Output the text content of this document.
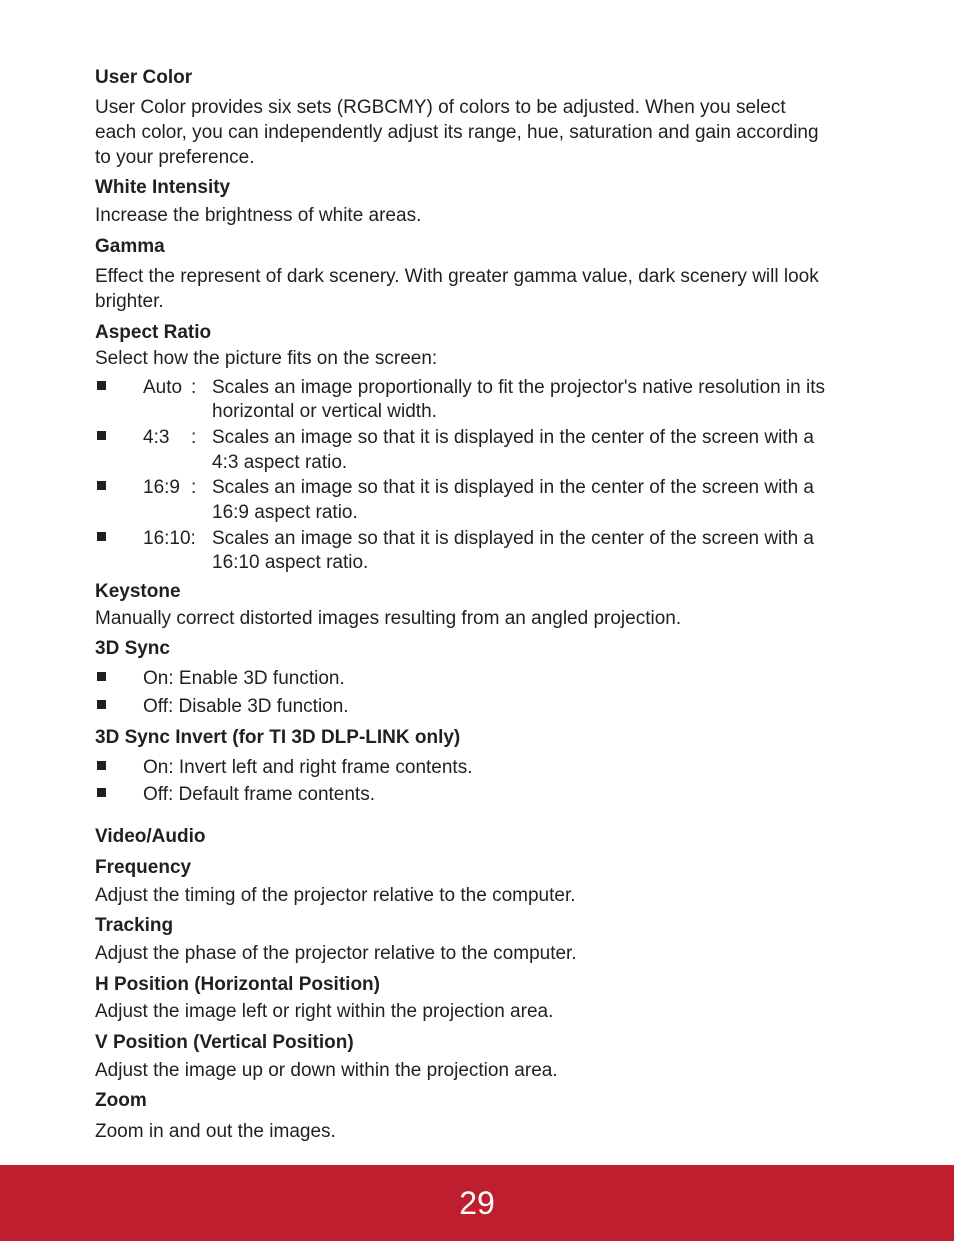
User Color
User Color provides six sets (RGBCMY) of colors to be adjusted. When you select
each color, you can independently adjust its range, hue, saturation and gain according
to your preference.
White Intensity
Increase the brightness of white areas.
Gamma
Effect the represent of dark scenery. With greater gamma value, dark scenery will look
brighter.
Aspect Ratio
Select how the picture fits on the screen:
Auto : Scales an image proportionally to fit the projector's native resolution in its
horizontal or vertical width.
4:3 : Scales an image so that it is displayed in the center of the screen with a
4:3 aspect ratio.
16:9 : Scales an image so that it is displayed in the center of the screen with a
16:9 aspect ratio.
16:10: Scales an image so that it is displayed in the center of the screen with a
16:10 aspect ratio.
Keystone
Manually correct distorted images resulting from an angled projection.
3D Sync
On: Enable 3D function.
Off: Disable 3D function.
3D Sync Invert (for TI 3D DLP-LINK only)
On: Invert left and right frame contents.
Off: Default frame contents.
Video/Audio
Frequency
Adjust the timing of the projector relative to the computer.
Tracking
Adjust the phase of the projector relative to the computer.
H Position (Horizontal Position)
Adjust the image left or right within the projection area.
V Position (Vertical Position)
Adjust the image up or down within the projection area.
Zoom
Zoom in and out the images.
29
